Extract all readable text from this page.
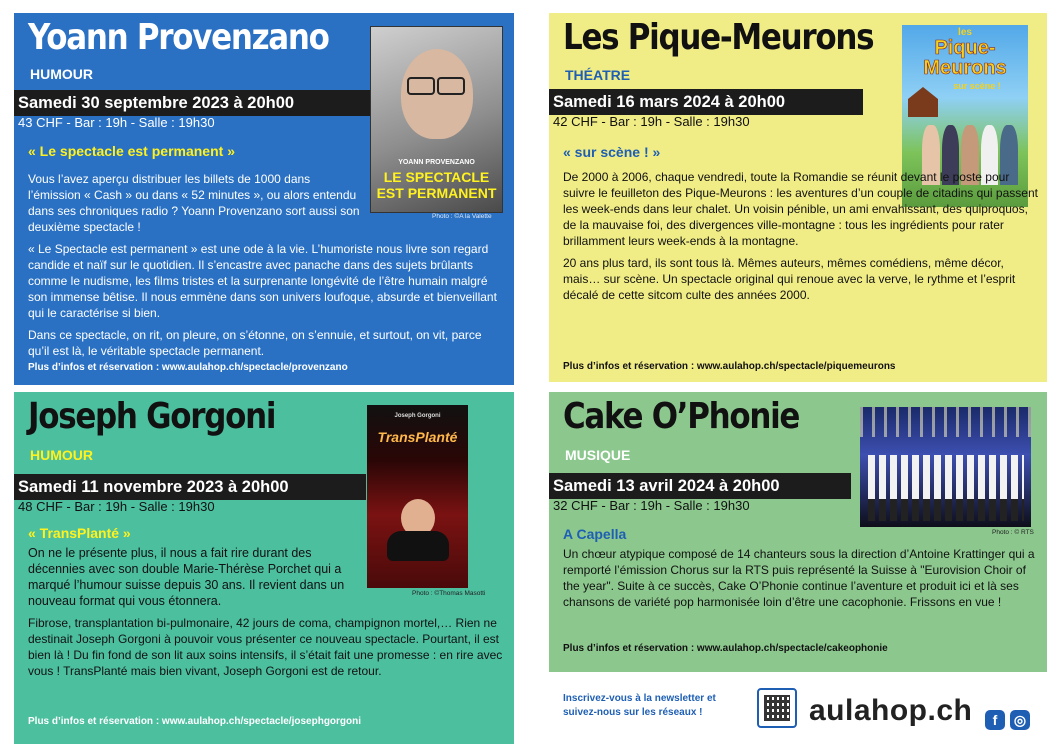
Yoann Provenzano
HUMOUR
Samedi 30 septembre 2023 à 20h00
43 CHF - Bar : 19h - Salle : 19h30
« Le spectacle est permanent »
YOANN PROVENZANO
LE SPECTACLE
EST PERMANENT
Photo : ©A la Valette

Vous l’avez aperçu distribuer les billets de 1000 dans l’émission « Cash » ou dans « 52 minutes », ou alors entendu dans ses chroniques radio ? Yoann Provenzano sort aussi son deuxième spectacle !

« Le Spectacle est permanent » est une ode à la vie. L’humoriste nous livre son regard candide et naïf sur le quotidien. Il s’encastre avec panache dans des sujets brûlants comme le nudisme, les films tristes et la surprenante longévité de l’être humain malgré son immense bêtise. Il nous emmène dans son univers loufoque, absurde et bienveillant qui le caractérise si bien.

Dans ce spectacle, on rit, on pleure, on s’étonne, on s’ennuie, et surtout, on vit, parce qu’il est là, le véritable spectacle permanent.

Plus d’infos et réservation : www.aulahop.ch/spectacle/provenzano
Les Pique-Meurons
THÉATRE
Samedi 16 mars 2024 à 20h00
42 CHF - Bar : 19h - Salle : 19h30
« sur scène ! »
les
Pique-
Meurons
sur scène !

De 2000 à 2006, chaque vendredi, toute la Romandie se réunit devant le poste pour suivre le feuilleton des Pique-Meurons : les aventures d’un couple de citadins qui passent les week-ends dans leur chalet. Un voisin pénible, un ami envahissant, des quiproquos, de la mauvaise foi, des divergences ville-montagne : tous les ingrédients pour rater brillamment leurs week-ends à la montagne.

20 ans plus tard, ils sont tous là. Mêmes auteurs, mêmes comédiens, même décor, mais… sur scène. Un spectacle original qui renoue avec la verve, le rythme et l’esprit décalé de cette sitcom culte des années 2000.

Plus d’infos et réservation : www.aulahop.ch/spectacle/piquemeurons
Joseph Gorgoni
HUMOUR
Samedi 11 novembre 2023 à 20h00
48 CHF - Bar : 19h - Salle : 19h30
« TransPlanté »
Joseph Gorgoni
TransPlanté
Photo : ©Thomas Masotti

On ne le présente plus, il nous a fait rire durant des décennies avec son double Marie-Thérèse Porchet qui a marqué l’humour suisse depuis 30 ans. Il revient dans un nouveau format qui vous étonnera.

Fibrose, transplantation bi-pulmonaire, 42 jours de coma, champignon mortel,… Rien ne destinait Joseph Gorgoni à pouvoir vous présenter ce nouveau spectacle. Pourtant, il est bien là ! Du fin fond de son lit aux soins intensifs, il s’était fait une promesse : en rire avec vous ! TransPlanté mais bien vivant, Joseph Gorgoni est de retour.

Plus d’infos et réservation : www.aulahop.ch/spectacle/josephgorgoni
Cake O’Phonie
MUSIQUE
Samedi 13 avril 2024 à 20h00
32 CHF - Bar : 19h - Salle : 19h30
A Capella	Photo : © RTS

Un chœur atypique composé de 14 chanteurs sous la direction d’Antoine Krattinger qui a remporté l’émission Chorus sur la RTS puis représenté la Suisse à "Eurovision Choir of the year". Suite à ce succès, Cake O’Phonie continue l’aventure et produit ici et là ses chansons de variété pop harmonisée loin d’être une cacophonie. Frissons en vue !

Plus d’infos et réservation : www.aulahop.ch/spectacle/cakeophonie
Inscrivez-vous à la newsletter et
suivez-nous sur les réseaux !	aulahop.ch	f	◎
